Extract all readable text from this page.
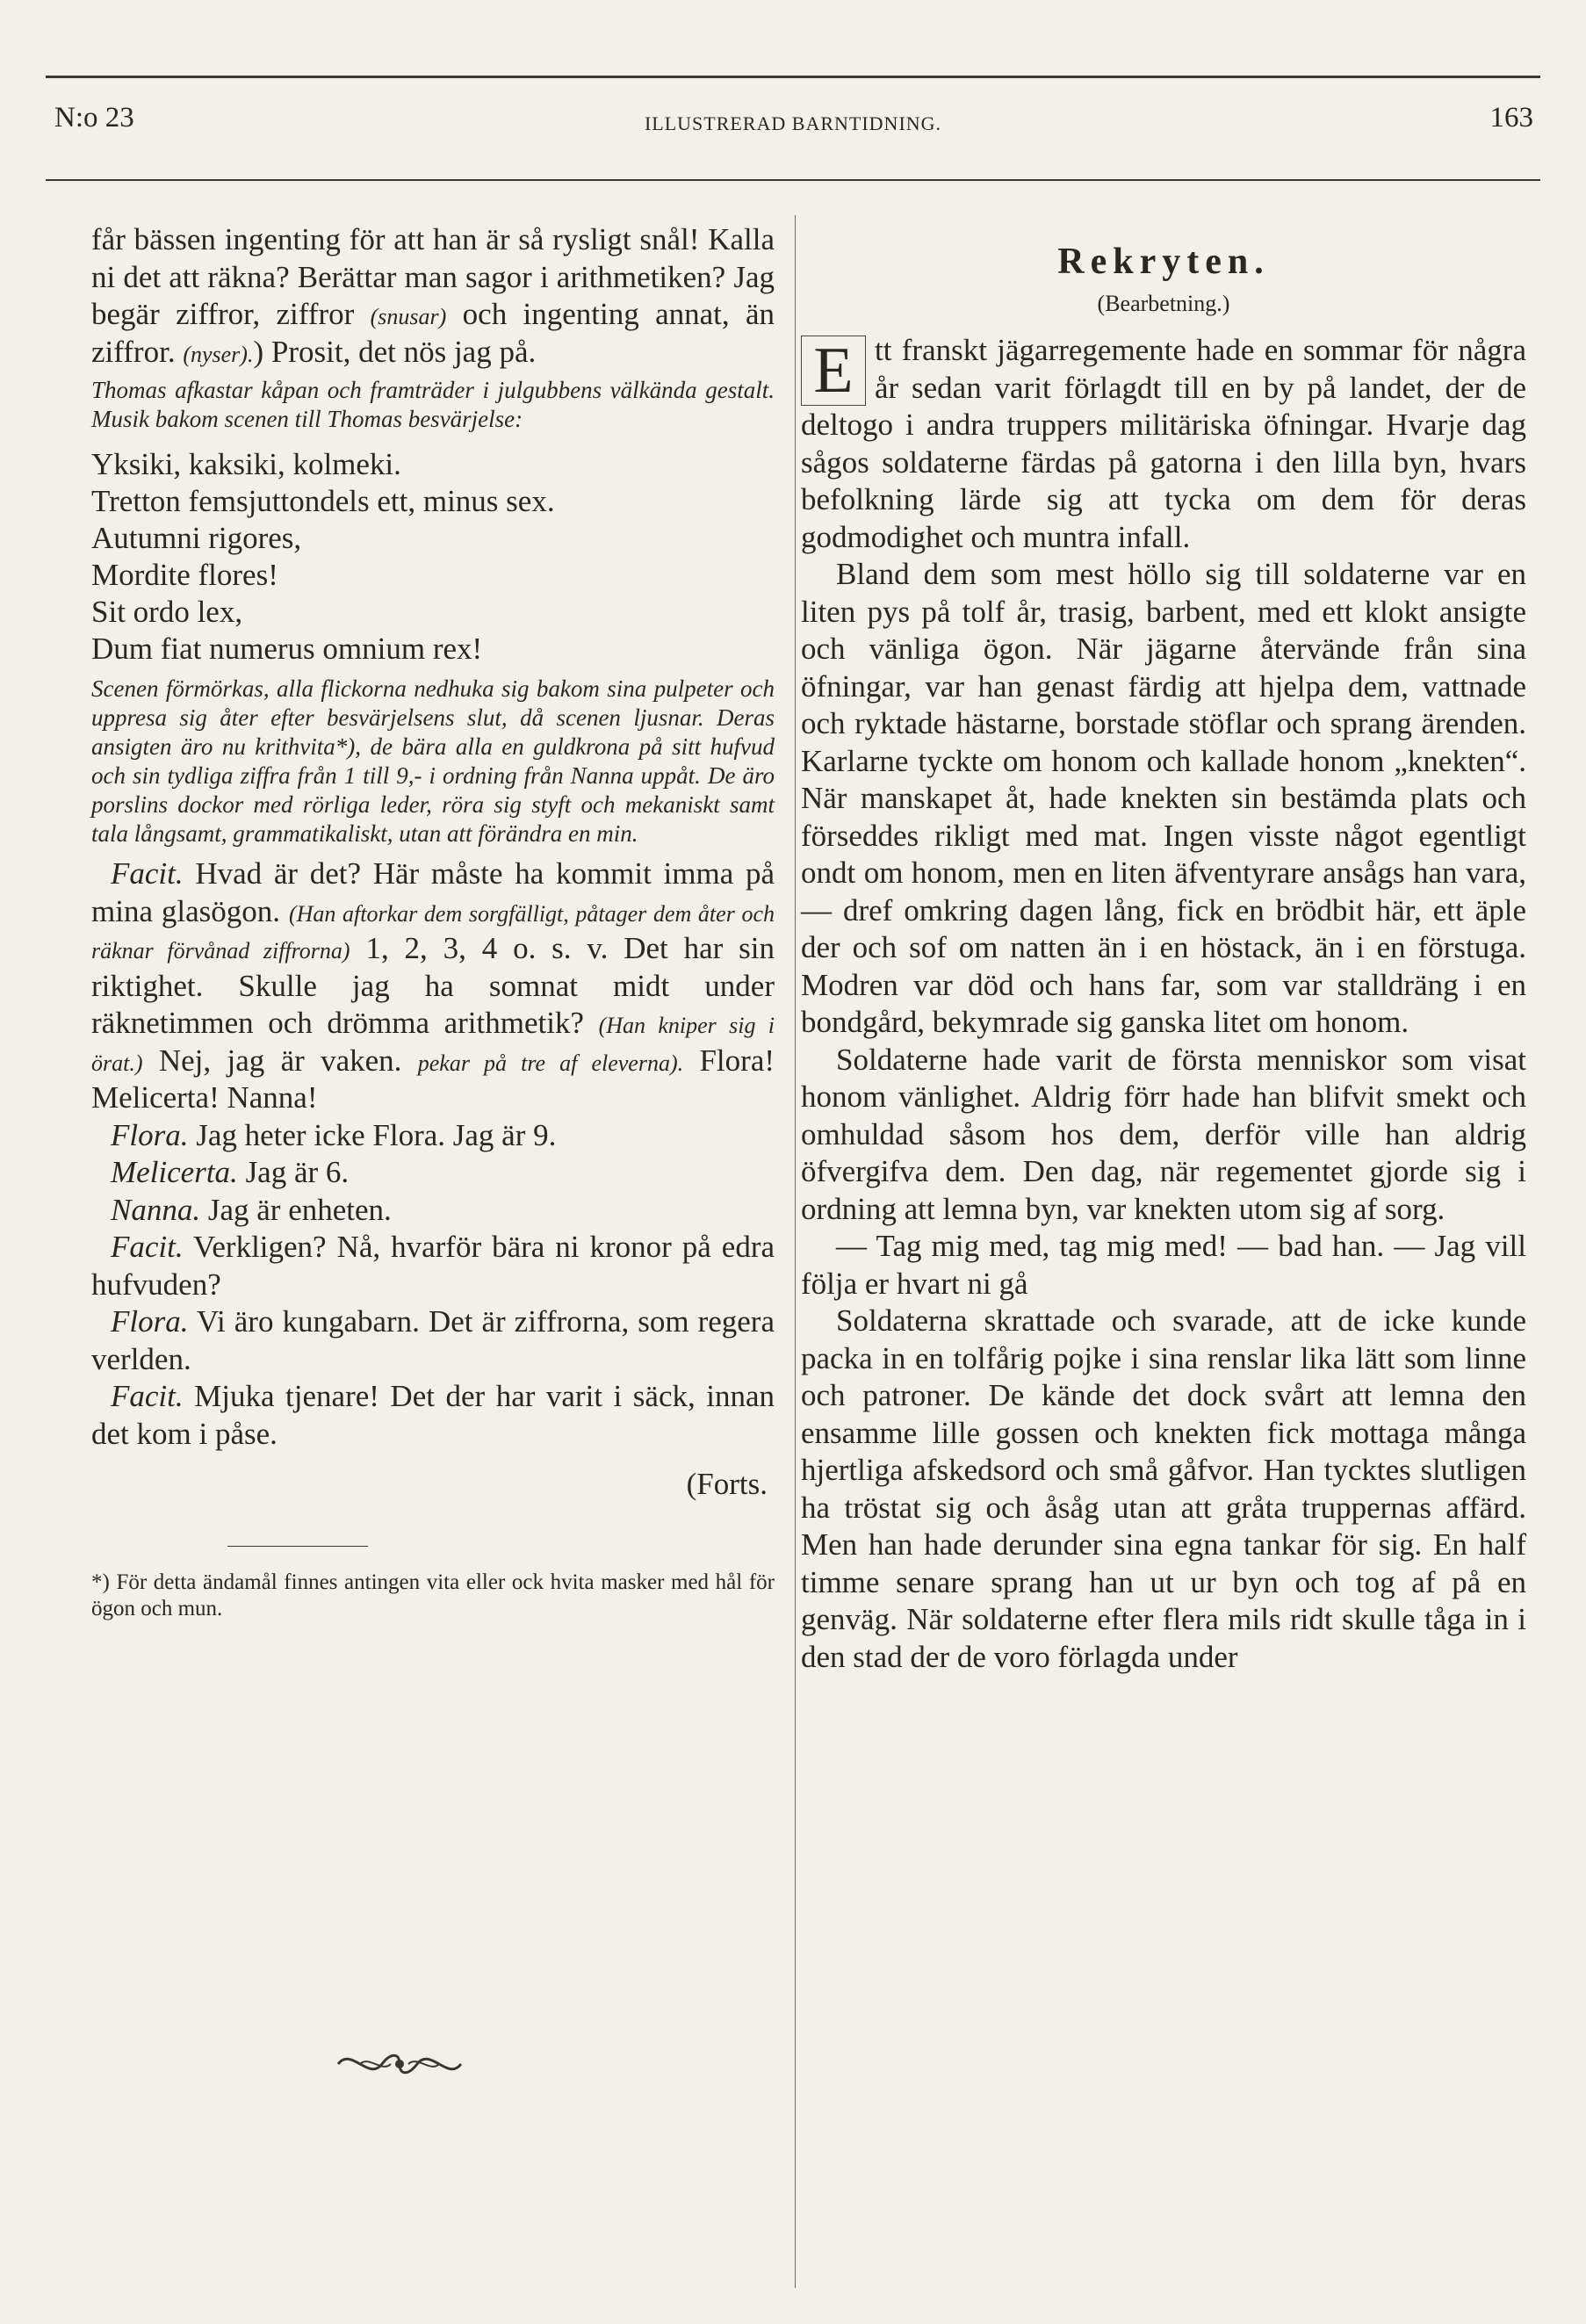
N:o 23	ILLUSTRERAD BARNTIDNING.	163

får bässen ingenting för att han är så rysligt snål! Kalla ni det att räkna? Berättar man sagor i arithmetiken? Jag begär ziffror, ziffror (snusar) och ingenting annat, än ziffror. (nyser).) Prosit, det nös jag på.

Thomas afkastar kåpan och framträder i julgubbens välkända gestalt. Musik bakom scenen till Thomas besvärjelse:

Yksiki, kaksiki, kolmeki.
Tretton femsjuttondels ett, minus sex.
Autumni rigores,
Mordite flores!
Sit ordo lex,
Dum fiat numerus omnium rex!

Scenen förmörkas, alla flickorna nedhuka sig bakom sina pulpeter och uppresa sig åter efter besvärjelsens slut, då scenen ljusnar. Deras ansigten äro nu krithvita*), de bära alla en guldkrona på sitt hufvud och sin tydliga ziffra från 1 till 9,- i ordning från Nanna uppåt. De äro porslins dockor med rörliga leder, röra sig styft och mekaniskt samt tala långsamt, grammatikaliskt, utan att förändra en min.

Facit. Hvad är det? Här måste ha kommit imma på mina glasögon. (Han aftorkar dem sorgfälligt, påtager dem åter och räknar förvånad ziffrorna) 1, 2, 3, 4 o. s. v. Det har sin riktighet. Skulle jag ha somnat midt under räknetimmen och drömma arithmetik? (Han kniper sig i örat.) Nej, jag är vaken. pekar på tre af eleverna). Flora! Melicerta! Nanna!

Flora. Jag heter icke Flora. Jag är 9.

Melicerta. Jag är 6.

Nanna. Jag är enheten.

Facit. Verkligen? Nå, hvarför bära ni kronor på edra hufvuden?

Flora. Vi äro kungabarn. Det är ziffrorna, som regera verlden.

Facit. Mjuka tjenare! Det der har varit i säck, innan det kom i påse.

(Forts.

*) För detta ändamål finnes antingen vita eller ock hvita masker med hål för ögon och mun.

Rekryten.
(Bearbetning.)
E tt franskt jägarregemente hade en sommar för några år sedan varit förlagdt till en by på landet, der de deltogo i andra truppers militäriska öfningar. Hvarje dag sågos soldaterne färdas på gatorna i den lilla byn, hvars befolkning lärde sig att tycka om dem för deras godmodighet och muntra infall.

Bland dem som mest höllo sig till soldaterne var en liten pys på tolf år, trasig, barbent, med ett klokt ansigte och vänliga ögon. När jägarne återvände från sina öfningar, var han genast färdig att hjelpa dem, vattnade och ryktade hästarne, borstade stöflar och sprang ärenden. Karlarne tyckte om honom och kallade honom „knekten“. När manskapet åt, hade knekten sin bestämda plats och förseddes rikligt med mat. Ingen visste något egentligt ondt om honom, men en liten äfventyrare ansågs han vara, — dref omkring dagen lång, fick en brödbit här, ett äple der och sof om natten än i en höstack, än i en förstuga. Modren var död och hans far, som var stalldräng i en bondgård, bekymrade sig ganska litet om honom.

Soldaterne hade varit de första menniskor som visat honom vänlighet. Aldrig förr hade han blifvit smekt och omhuldad såsom hos dem, derför ville han aldrig öfvergifva dem. Den dag, när regementet gjorde sig i ordning att lemna byn, var knekten utom sig af sorg.

— Tag mig med, tag mig med! — bad han. — Jag vill följa er hvart ni gå

Soldaterna skrattade och svarade, att de icke kunde packa in en tolfårig pojke i sina renslar lika lätt som linne och patroner. De kände det dock svårt att lemna den ensamme lille gossen och knekten fick mottaga många hjertliga afskedsord och små gåfvor. Han tycktes slutligen ha tröstat sig och åsåg utan att gråta truppernas affärd. Men han hade derunder sina egna tankar för sig. En half timme senare sprang han ut ur byn och tog af på en genväg. När soldaterne efter flera mils ridt skulle tåga in i den stad der de voro förlagda under
